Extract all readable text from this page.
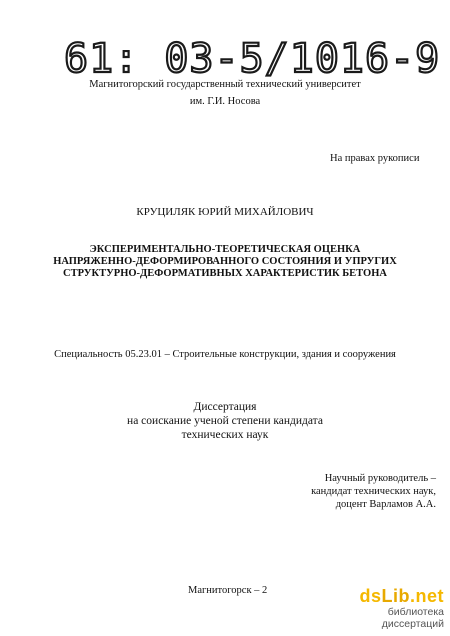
61: 03-5/1016-9
Магнитогорский государственный технический университет
им. Г.И. Носова
На правах рукописи
КРУЦИЛЯК ЮРИЙ МИХАЙЛОВИЧ
ЭКСПЕРИМЕНТАЛЬНО-ТЕОРЕТИЧЕСКАЯ ОЦЕНКА
НАПРЯЖЕННО-ДЕФОРМИРОВАННОГО СОСТОЯНИЯ И УПРУГИХ
СТРУКТУРНО-ДЕФОРМАТИВНЫХ ХАРАКТЕРИСТИК БЕТОНА
Специальность 05.23.01 – Строительные конструкции, здания и сооружения
Диссертация
на соискание ученой степени кандидата
технических наук
Научный руководитель –
кандидат технических наук,
доцент Варламов А.А.
Магнитогорск – 2	dsLib.net
библиотека диссертаций
